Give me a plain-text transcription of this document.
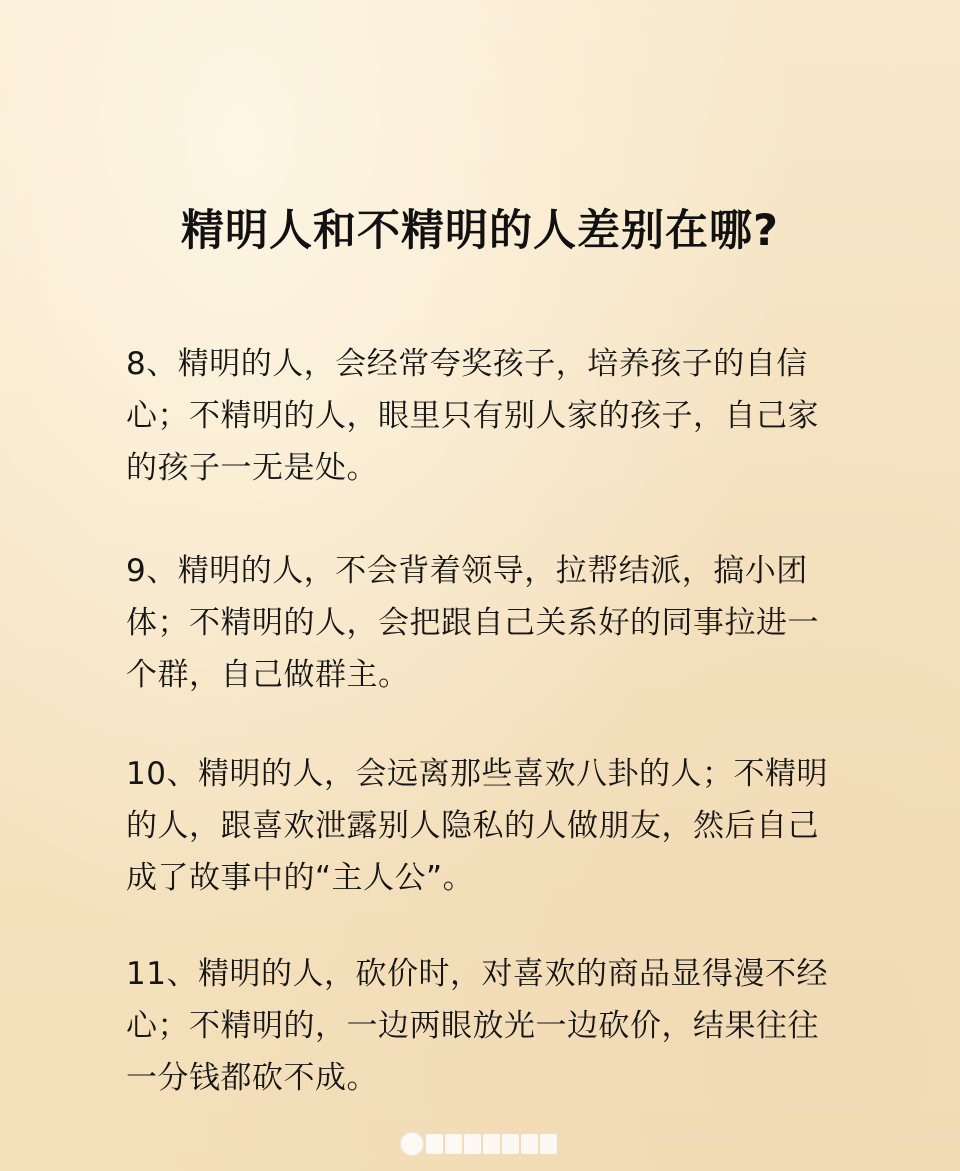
精明人和不精明的人差别在哪?

8、精明的人，会经常夸奖孩子，培养孩子的自信心；不精明的人，眼里只有别人家的孩子，自己家的孩子一无是处。

9、精明的人，不会背着领导，拉帮结派，搞小团体；不精明的人，会把跟自己关系好的同事拉进一个群，自己做群主。

10、精明的人，会远离那些喜欢八卦的人；不精明的人，跟喜欢泄露别人隐私的人做朋友，然后自己成了故事中的“主人公”。

11、精明的人，砍价时，对喜欢的商品显得漫不经心；不精明的，一边两眼放光一边砍价，结果往往一分钱都砍不成。
